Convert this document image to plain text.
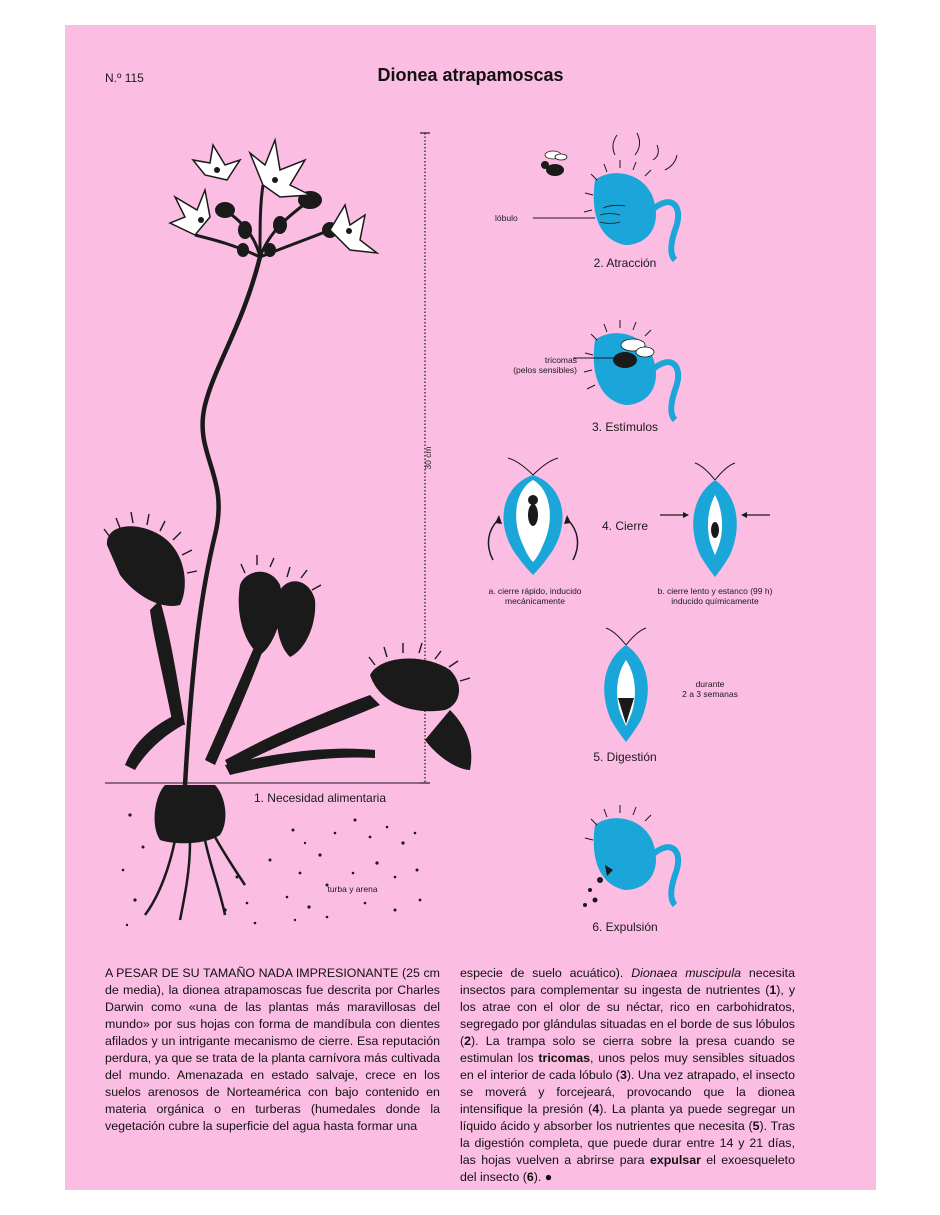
N.º 115	Dionea atrapamoscas
30 cm
1. Necesidad alimentaria
turba y arena
lóbulo
2. Atracción
tricomas
(pelos sensibles)
3. Estímulos
4. Cierre
a. cierre rápido, inducido
mecánicamente
b. cierre lento y estanco (99 h)
inducido químicamente
durante
2 a 3 semanas
5. Digestión
6. Expulsión
A PESAR DE SU TAMAÑO NADA IMPRESIONANTE (25 cm de media), la dionea atrapamoscas fue descrita por Charles Darwin como «una de las plantas más maravillosas del mundo» por sus hojas con forma de mandíbula con dientes afilados y un intrigante mecanismo de cierre. Esa reputación perdura, ya que se trata de la planta carnívora más cultivada del mundo. Amenazada en estado salvaje, crece en los suelos arenosos de Norteamérica con bajo contenido en materia orgánica o en turberas (humedales donde la vegetación cubre la superficie del agua hasta formar una
especie de suelo acuático). Dionaea muscipula necesita insectos para complementar su ingesta de nutrientes (1), y los atrae con el olor de su néctar, rico en carbohidratos, segregado por glándulas situadas en el borde de sus lóbulos (2). La trampa solo se cierra sobre la presa cuando se estimulan los tricomas, unos pelos muy sensibles situados en el interior de cada lóbulo (3). Una vez atrapado, el insecto se moverá y forcejeará, provocando que la dionea intensifique la presión (4). La planta ya puede segregar un líquido ácido y absorber los nutrientes que necesita (5). Tras la digestión completa, que puede durar entre 14 y 21 días, las hojas vuelven a abrirse para expulsar el exoesqueleto del insecto (6). ●
